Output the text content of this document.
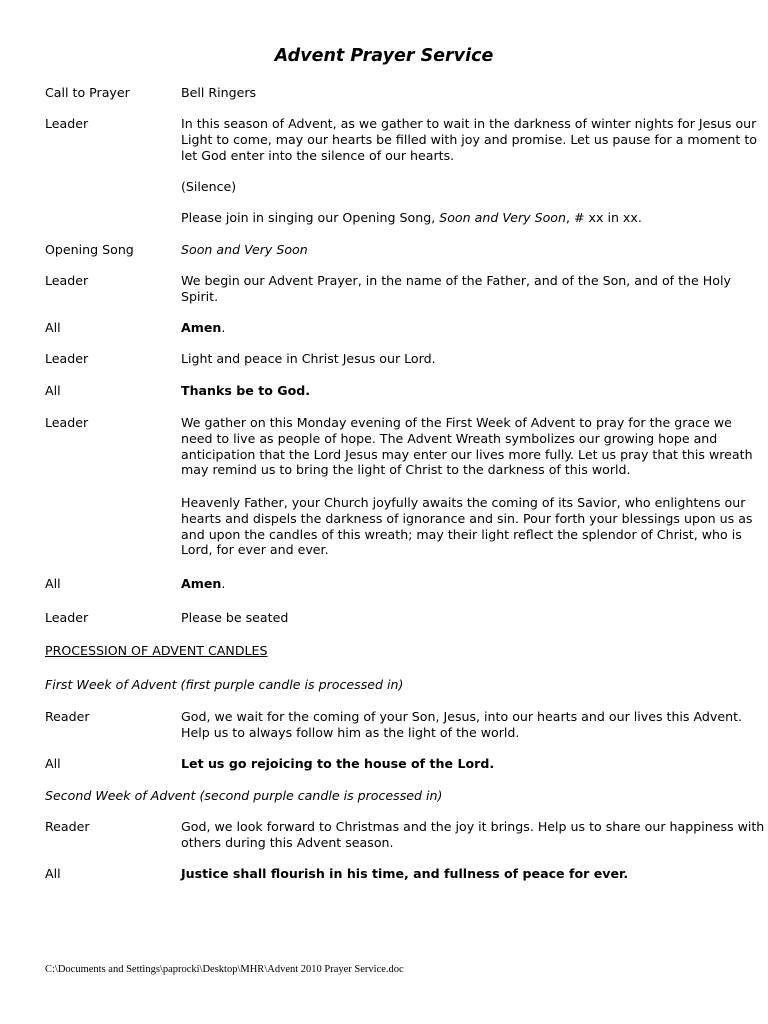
Advent Prayer Service
Call to Prayer	Bell Ringers
Leader	In this season of Advent, as we gather to wait in the darkness of winter nights for Jesus our Light to come, may our hearts be filled with joy and promise. Let us pause for a moment to let God enter into the silence of our hearts.
(Silence)
Please join in singing our Opening Song, Soon and Very Soon, # xx in xx.
Opening Song	Soon and Very Soon
Leader	We begin our Advent Prayer, in the name of the Father, and of the Son, and of the Holy Spirit.
All	Amen.
Leader	Light and peace in Christ Jesus our Lord.
All	Thanks be to God.
Leader	We gather on this Monday evening of the First Week of Advent to pray for the grace we need to live as people of hope. The Advent Wreath symbolizes our growing hope and anticipation that the Lord Jesus may enter our lives more fully. Let us pray that this wreath may remind us to bring the light of Christ to the darkness of this world.
Heavenly Father, your Church joyfully awaits the coming of its Savior, who enlightens our hearts and dispels the darkness of ignorance and sin. Pour forth your blessings upon us as and upon the candles of this wreath; may their light reflect the splendor of Christ, who is Lord, for ever and ever.
All	Amen.
Leader	Please be seated
PROCESSION OF ADVENT CANDLES
First Week of Advent (first purple candle is processed in)
Reader	God, we wait for the coming of your Son, Jesus, into our hearts and our lives this Advent. Help us to always follow him as the light of the world.
All	Let us go rejoicing to the house of the Lord.
Second Week of Advent (second purple candle is processed in)
Reader	God, we look forward to Christmas and the joy it brings. Help us to share our happiness with others during this Advent season.
All	Justice shall flourish in his time, and fullness of peace for ever.
C:\Documents and Settings\paprocki\Desktop\MHR\Advent 2010 Prayer Service.doc
